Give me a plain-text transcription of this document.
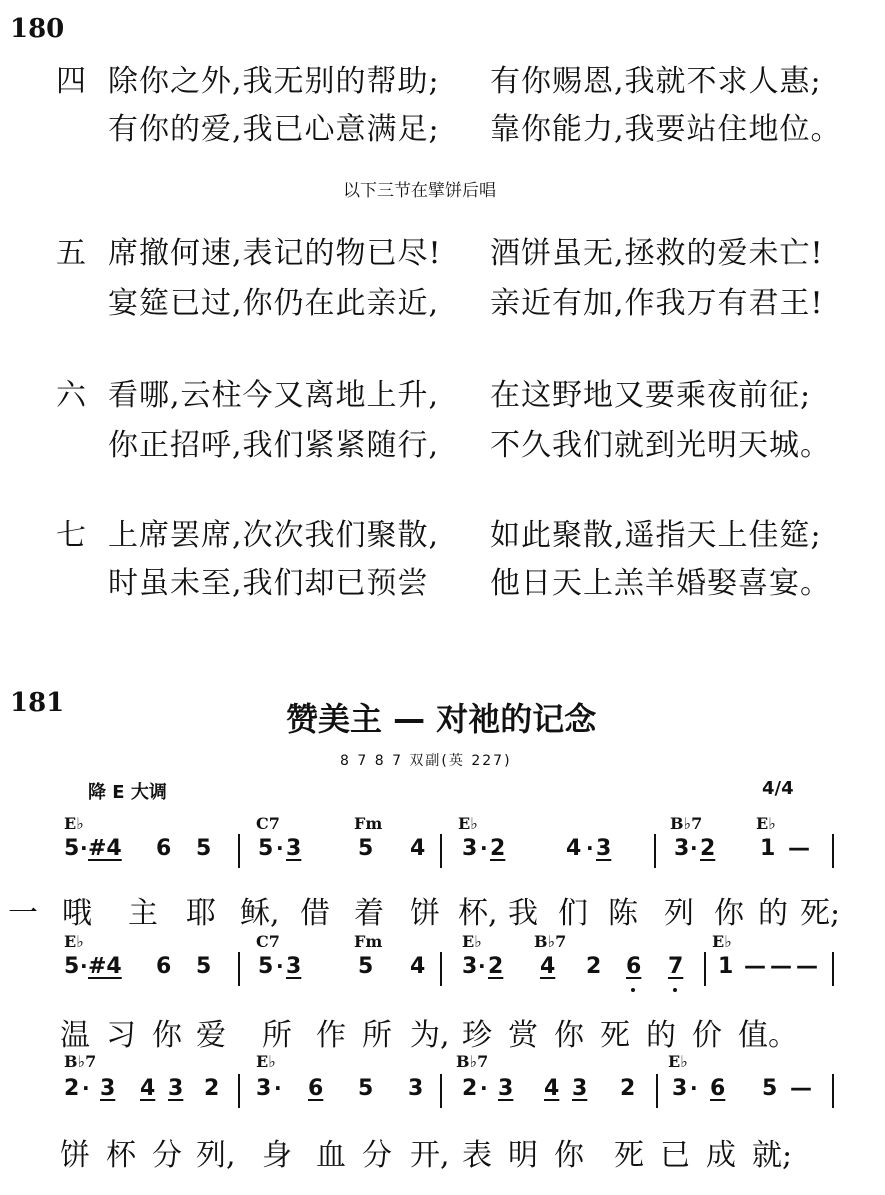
180
四 除你之外,我无别的帮助; 有你赐恩,我就不求人惠;
有你的爱,我已心意满足; 靠你能力,我要站住地位。
以下三节在擘饼后唱
五 席撤何速,表记的物已尽! 酒饼虽无,拯救的爱未亡!
宴筵已过,你仍在此亲近, 亲近有加,作我万有君王!
六 看哪,云柱今又离地上升, 在这野地又要乘夜前征;
你正招呼,我们紧紧随行, 不久我们就到光明天城。
七 上席罢席,次次我们聚散, 如此聚散,遥指天上佳筵;
时虽未至,我们却已预尝 他日天上羔羊婚娶喜宴。
181	赞美主 — 对祂的记念
8 7 8 7 双副(英 227)
降 E 大调	4/4
一
E♭	C7	Fm	E♭	B♭7	E♭
5 · #4 6 5 5 · 3	5 4 3 · 2	4 · 3	3 · 2 1 —
哦 主 耶 稣, 借 着 饼 杯, 我 们 陈 列 你 的 死;
E♭	C7	Fm	E♭	B♭7	E♭
5 · #4 6 5 5 · 3	5 4 3 · 2 4 2 6 7 1 — — —
温 习 你 爱 所 作 所 为, 珍 赏 你 死 的 价 值。
B♭7	E♭	B♭7	E♭
2 · 3 4 3 2 3 · 6 5 3 2 · 3 4 3 2 3 · 6 5 —
饼 杯 分 列, 身 血 分 开, 表 明 你 死 已 成 就;
